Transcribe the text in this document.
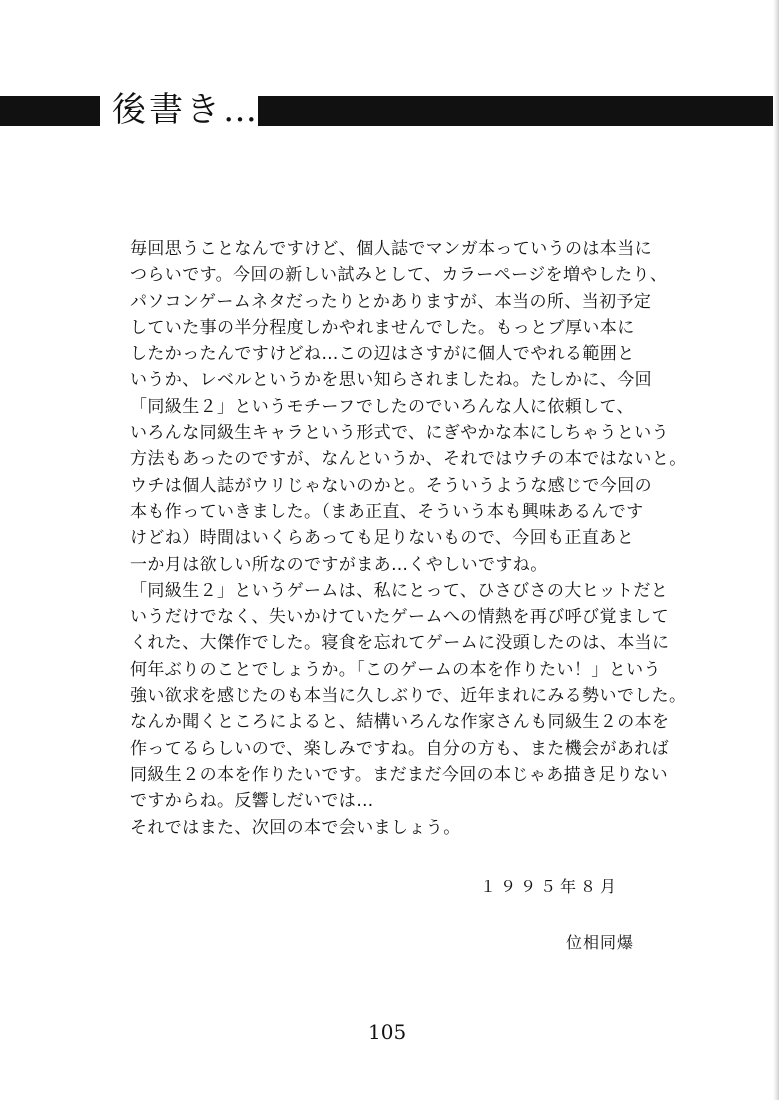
後書き…
毎回思うことなんですけど、個人誌でマンガ本っていうのは本当に
つらいです。今回の新しい試みとして、カラーページを増やしたり、
パソコンゲームネタだったりとかありますが、本当の所、当初予定
していた事の半分程度しかやれませんでした。もっとブ厚い本に
したかったんですけどね…この辺はさすがに個人でやれる範囲と
いうか、レベルというかを思い知らされましたね。たしかに、今回
「同級生２」というモチーフでしたのでいろんな人に依頼して、
いろんな同級生キャラという形式で、にぎやかな本にしちゃうという
方法もあったのですが、なんというか、それではウチの本ではないと。
ウチは個人誌がウリじゃないのかと。そういうような感じで今回の
本も作っていきました。（まあ正直、そういう本も興味あるんです
けどね）時間はいくらあっても足りないもので、今回も正直あと
一か月は欲しい所なのですがまあ…くやしいですね。
「同級生２」というゲームは、私にとって、ひさびさの大ヒットだと
いうだけでなく、失いかけていたゲームへの情熱を再び呼び覚まして
くれた、大傑作でした。寝食を忘れてゲームに没頭したのは、本当に
何年ぶりのことでしょうか。「このゲームの本を作りたい！」という
強い欲求を感じたのも本当に久しぶりで、近年まれにみる勢いでした。
なんか聞くところによると、結構いろんな作家さんも同級生２の本を
作ってるらしいので、楽しみですね。自分の方も、また機会があれば
同級生２の本を作りたいです。まだまだ今回の本じゃあ描き足りない
ですからね。反響しだいでは…
それではまた、次回の本で会いましょう。
１９９５年８月
位相同爆
105
